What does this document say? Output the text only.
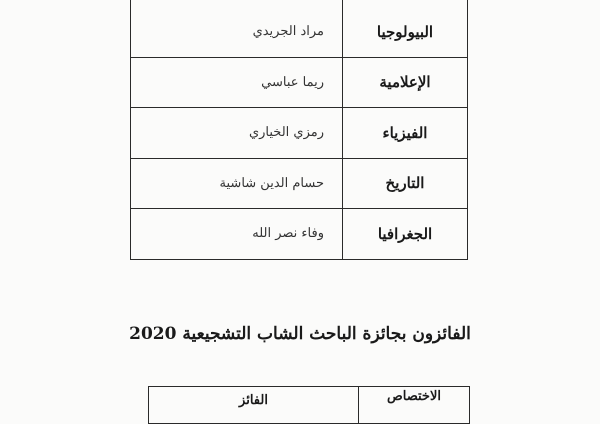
البيولوجيا	مراد الجريدي
الإعلامية	ريما عباسي
الفيزياء	رمزي الخياري
التاريخ	حسام الدين شاشية
الجغرافيا	وفاء نصر الله
الفائزون بجائزة الباحث الشاب التشجيعية 2020
الاختصاص	الفائز
